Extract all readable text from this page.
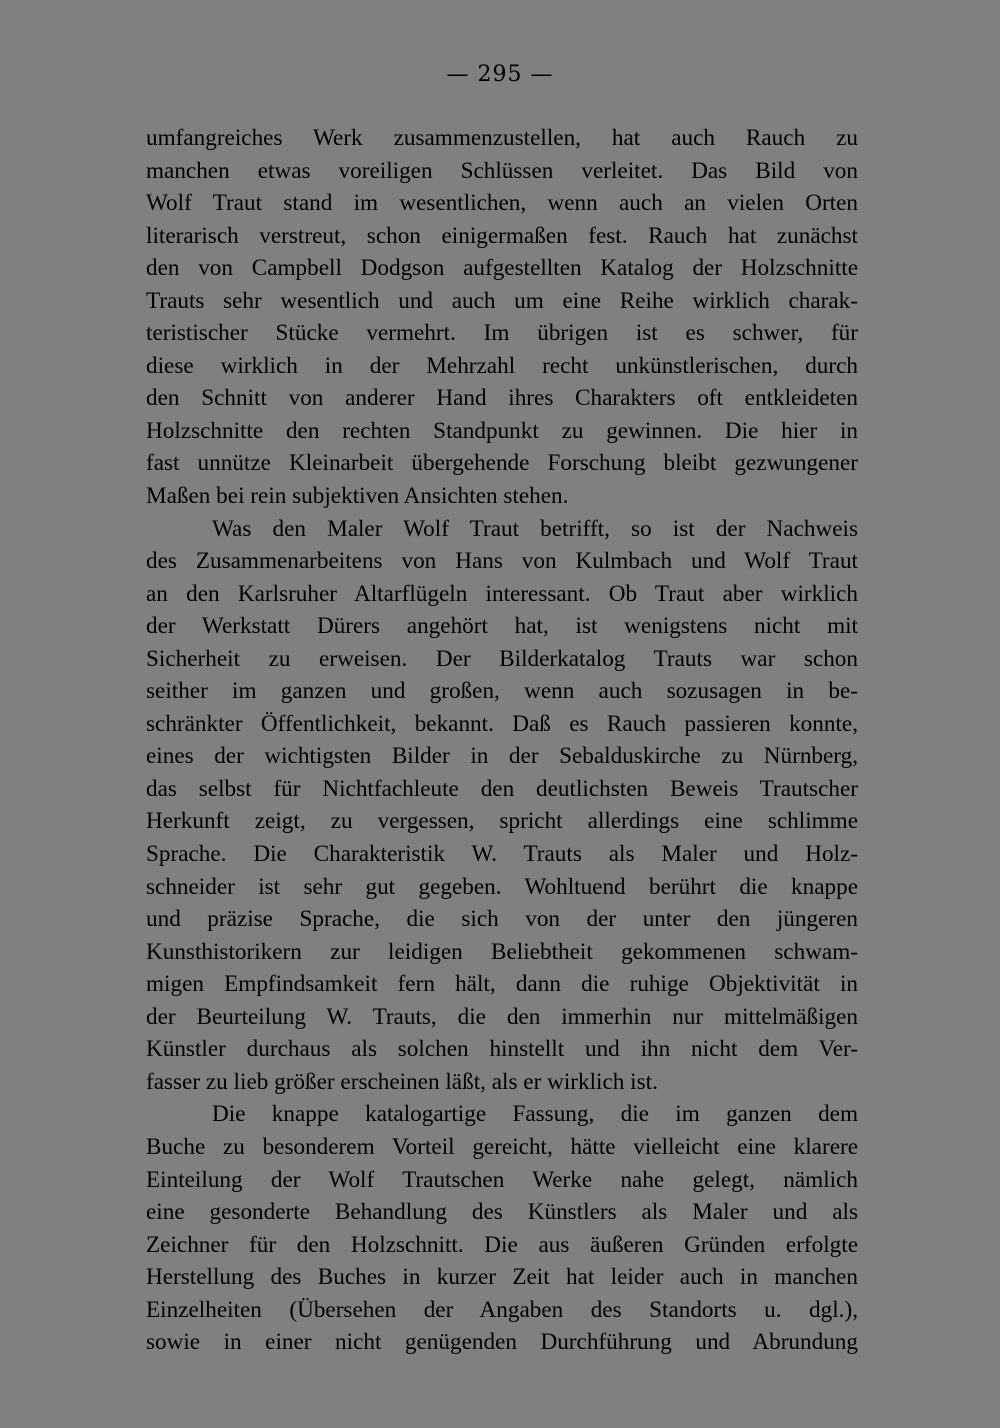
— 295 —
umfangreiches Werk zusammenzustellen, hat auch Rauch zu
manchen etwas voreiligen Schlüssen verleitet. Das Bild von
Wolf Traut stand im wesentlichen, wenn auch an vielen Orten
literarisch verstreut, schon einigermaßen fest. Rauch hat zunächst
den von Campbell Dodgson aufgestellten Katalog der Holzschnitte
Trauts sehr wesentlich und auch um eine Reihe wirklich charak-
teristischer Stücke vermehrt. Im übrigen ist es schwer, für
diese wirklich in der Mehrzahl recht unkünstlerischen, durch
den Schnitt von anderer Hand ihres Charakters oft entkleideten
Holzschnitte den rechten Standpunkt zu gewinnen. Die hier in
fast unnütze Kleinarbeit übergehende Forschung bleibt gezwungener
Maßen bei rein subjektiven Ansichten stehen.
Was den Maler Wolf Traut betrifft, so ist der Nachweis
des Zusammenarbeitens von Hans von Kulmbach und Wolf Traut
an den Karlsruher Altarflügeln interessant. Ob Traut aber wirklich
der Werkstatt Dürers angehört hat, ist wenigstens nicht mit
Sicherheit zu erweisen. Der Bilderkatalog Trauts war schon
seither im ganzen und großen, wenn auch sozusagen in be-
schränkter Öffentlichkeit, bekannt. Daß es Rauch passieren konnte,
eines der wichtigsten Bilder in der Sebalduskirche zu Nürnberg,
das selbst für Nichtfachleute den deutlichsten Beweis Trautscher
Herkunft zeigt, zu vergessen, spricht allerdings eine schlimme
Sprache. Die Charakteristik W. Trauts als Maler und Holz-
schneider ist sehr gut gegeben. Wohltuend berührt die knappe
und präzise Sprache, die sich von der unter den jüngeren
Kunsthistorikern zur leidigen Beliebtheit gekommenen schwam-
migen Empfindsamkeit fern hält, dann die ruhige Objektivität in
der Beurteilung W. Trauts, die den immerhin nur mittelmäßigen
Künstler durchaus als solchen hinstellt und ihn nicht dem Ver-
fasser zu lieb größer erscheinen läßt, als er wirklich ist.
Die knappe katalogartige Fassung, die im ganzen dem
Buche zu besonderem Vorteil gereicht, hätte vielleicht eine klarere
Einteilung der Wolf Trautschen Werke nahe gelegt, nämlich
eine gesonderte Behandlung des Künstlers als Maler und als
Zeichner für den Holzschnitt. Die aus äußeren Gründen erfolgte
Herstellung des Buches in kurzer Zeit hat leider auch in manchen
Einzelheiten (Übersehen der Angaben des Standorts u. dgl.),
sowie in einer nicht genügenden Durchführung und Abrundung
